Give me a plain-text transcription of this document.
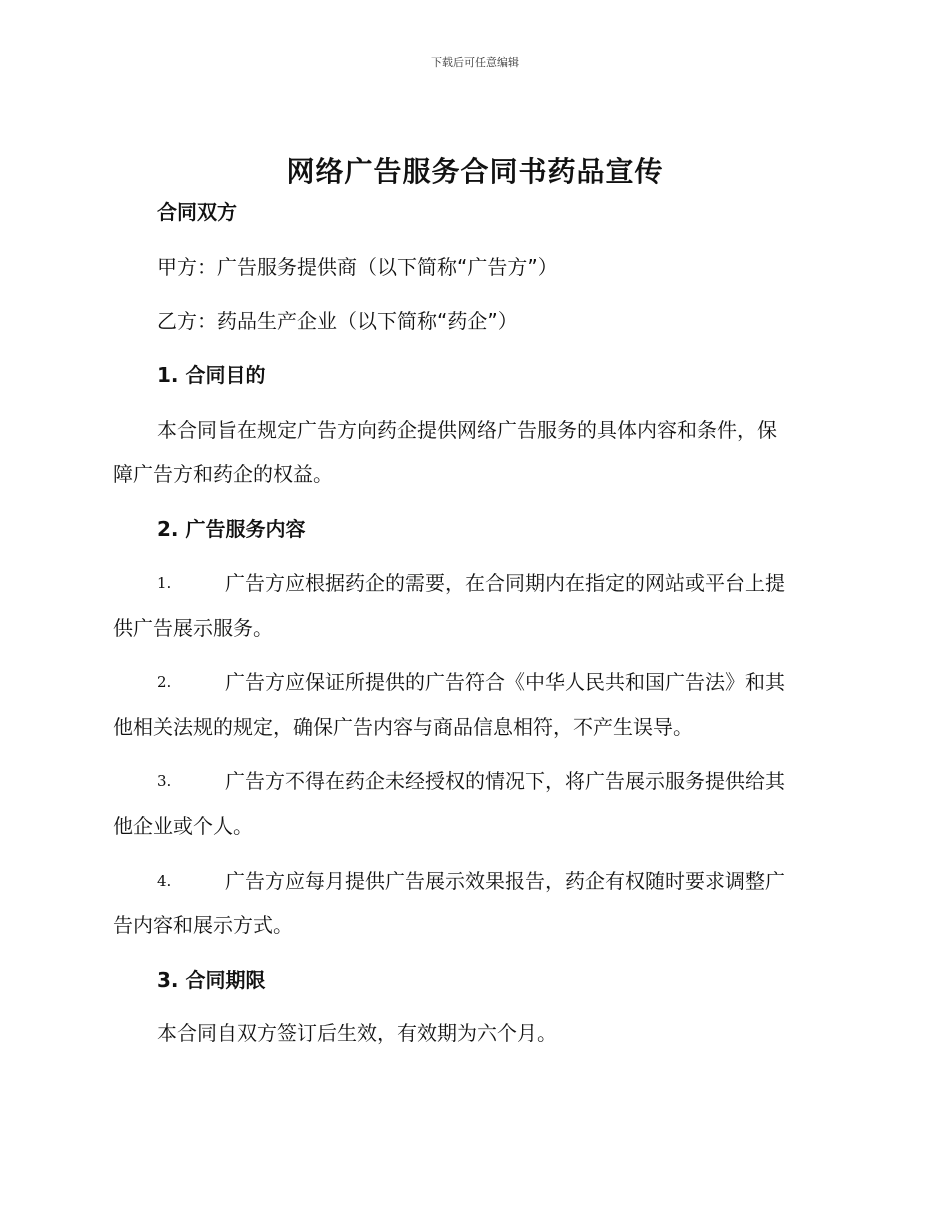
下载后可任意编辑
网络广告服务合同书药品宣传
合同双方
甲方：广告服务提供商（以下简称“广告方”）
乙方：药品生产企业（以下简称“药企”）
1. 合同目的
本合同旨在规定广告方向药企提供网络广告服务的具体内容和条件，保
障广告方和药企的权益。
2. 广告服务内容
1.	广告方应根据药企的需要，在合同期内在指定的网站或平台上提
供广告展示服务。
2.	广告方应保证所提供的广告符合《中华人民共和国广告法》和其
他相关法规的规定，确保广告内容与商品信息相符，不产生误导。
3.	广告方不得在药企未经授权的情况下，将广告展示服务提供给其
他企业或个人。
4.	广告方应每月提供广告展示效果报告，药企有权随时要求调整广
告内容和展示方式。
3. 合同期限
本合同自双方签订后生效，有效期为六个月。
